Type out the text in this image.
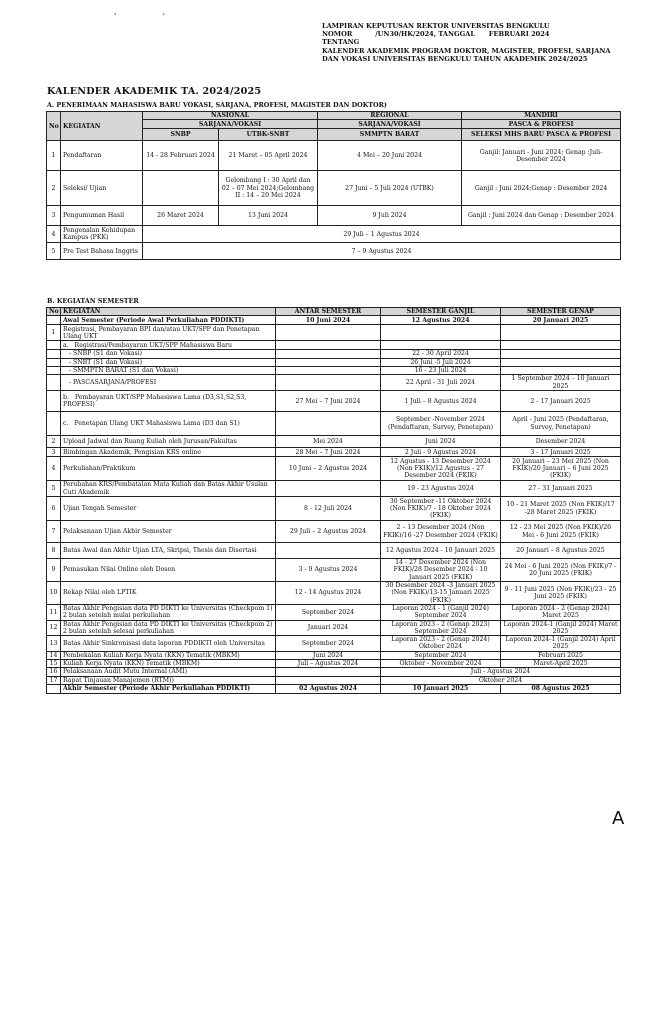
' '
LAMPIRAN KEPUTUSAN REKTOR UNIVERSITAS BENGKULU
NOMOR          /UN30/HK/2024, TANGGAL      FEBRUARI 2024
TENTANG
KALENDER AKADEMIK PROGRAM DOKTOR, MAGISTER, PROFESI, SARJANA
DAN VOKASI UNIVERSITAS BENGKULU TAHUN AKADEMIK 2024/2025
KALENDER AKADEMIK TA. 2024/2025
A. PENERIMAAN MAHASISWA BARU VOKASI, SARJANA, PROFESI, MAGISTER DAN DOKTOR)
No	KEGIATAN	NASIONAL		REGIONAL	MANDIRI
		SARJANA/VOKASI		SARJANA/VOKASI	PASCA & PROFESI
		SNBP	UTBK-SNBT	SMMPTN BARAT	SELEKSI MHS BARU PASCA & PROFESI
1	Pendaftaran	14 - 28 Februari 2024	21 Maret – 05 April 2024	4 Mei – 20 Juni 2024	Ganjil: Januari - Juni 2024; Genap :Juli-Desember 2024
2	Seleksi/ Ujian		Gelombang I : 30 April dan 02 – 07 Mei 2024;Gelombang II : 14 – 20 Mei 2024	27 Juni – 5 Juli 2024 (UTBK)	Ganjil : Juni 2024;Genap : Desember 2024
3	Pengumuman Hasil	26 Maret 2024	13 Juni 2024	9 Juli 2024	Ganjil : Juni 2024 dan Genap : Desember 2024
4	Pengenalan Kehidupan Kampus (PKK)	29 Juli – 1 Agustus 2024			
5	Pre Test Bahasa Inggris	7 – 9 Agustus 2024			
B. KEGIATAN SEMESTER
No	KEGIATAN	ANTAR SEMESTER	SEMESTER GANJIL	SEMESTER GENAP
	Awal Semester (Periode Awal Perkuliahan PDDIKTI)	10 Juni 2024	12 Agustus 2024	20 Januari 2025
1	Registrasi, Pembayaran BPI dan/atau UKT/SPP dan Penetapan Ulang UKT			
	a.   Registrasi/Pembayaran UKT/SPP Mahasiswa Baru			
	- SNBP (S1 dan Vokasi)		22 - 30 April 2024	
	- SNBT (S1 dan Vokasi)		26 Juni -5 Juli 2024	
	- SMMPTN BARAT (S1 dan Vokasi)		16 - 23 Juli 2024	
	- PASCASARJANA/PROFESI		22 April - 31 Juli 2024	1 September 2024 – 10 Januari 2025
	b.   Pembayaran UKT/SPP Mahasiswa Lama (D3,S1,S2,S3, PROFESI)	27 Mei – 7 Juni 2024	1 Juli – 8 Agustus 2024	2 - 17 Januari 2025
	c.   Penetapan Ulang UKT Mahasiswa Lama (D3 dan S1)		September -November 2024 (Pendaftaran, Survey, Penetapan)	April - Juni 2025 (Pendaftaran, Survey, Penetapan)
2	Upload Jadwal dan Ruang Kuliah oleh Jurusan/Fakultas	Mei 2024	Juni 2024	Desember 2024
3	Bimbingan Akademik, Pengisian KRS online	28 Mei – 7 Juni 2024	2 Juli - 9 Agustus 2024	3 - 17 Januari 2025
4	Perkuliahan/Praktikum	10 Juni – 2 Agustus 2024	12 Agustus - 13 Desember 2024 (Non FKIK)/12 Agustus - 27 Desember 2024 (FKIK)	20 Januari – 23 Mei 2025 (Non FKIK)/20 Januari – 6 Juni 2025 (FKIK)
5	Perubahan KRS/Pembatalan Mata Kuliah dan Batas Akhir Usulan Cuti Akademik		19 - 23 Agustus 2024	27 - 31 Januari 2025
6	Ujian Tengah Semester	8 - 12 Juli 2024	30 September -11 Oktober 2024 (Non FKIK)/7 - 18 Oktober 2024 (FKIK)	10 - 21 Maret 2025 (Non FKIK)/17 -28 Maret 2025 (FKIK)
7	Pelaksanaan Ujian Akhir Semester	29 Juli – 2 Agustus 2024	2 – 13 Desember 2024 (Non FKIK)/16 -27 Desember 2024 (FKIK)	12 - 23 Mei 2025 (Non FKIK)/26 Mei - 6 Juni 2025 (FKIK)
8	Batas Awal dan Akhir Ujian LTA, Skripsi, Thesis dan Disertasi		12 Agustus 2024 - 10 Januari 2025	20 Januari – 8 Agustus 2025
9	Pemasukan Nilai Online oleh Dosen	3 - 9 Agustus 2024	14 - 27 Desember 2024 (Non FKIK)/28 Desember 2024 - 10 Januari 2025 (FKIK)	24 Mei - 6 Juni 2025 (Non FKIK)/7 - 20 Juni 2025 (FKIK)
10	Rekap Nilai oleh LPTIK	12 - 14 Agustus 2024	30 Desember 2024 -3 Januari 2025 (Non FKIK)/13-15 Januari 2025 (FKIK)	9 - 11 Juni 2025 (Non FKIK)/23 - 25 Juni 2025 (FKIK)
11	Batas Akhir Pengisian data PD DIKTI ke Universitas (Checkpoin 1) 2 bulan setelah mulai perkuliahan	September 2024	Laporan 2024 - 1 (Ganjil 2024) September 2024	Laporan 2024 - 2 (Genap 2024) Maret 2025
12	Batas Akhir Pengisian data PD DIKTI ke Universitas (Checkpoin 2) 2 bulan setelah selesai perkuliahan	Januari 2024	Laporan 2023 - 2 (Genap 2023) September 2024	Laporan 2024-1 (Ganjil 2024) Maret 2025
13	Batas Akhir Sinkronisasi data laporan PDDIKTI oleh Universitas	September 2024	Laporan 2023 - 2 (Genap 2024) Oktober 2024	Laporan 2024-1 (Ganjil 2024) April 2025
14	Pembekalan Kuliah Kerja Nyata (KKN) Tematik (MBKM)	Juni 2024	September 2024	Februari 2025
15	Kuliah Kerja Nyata (KKN) Tematik (MBKM)	Juli – Agustus 2024	Oktober - November 2024	Maret-April 2025
16	Pelaksanaan Audit Mutu Internal (AMI)		Juli - Agustus 2024	
17	Rapat Tinjauan Manajemen (RTM))		Oktober 2024	
	Akhir Semester (Periode Akhir Perkuliahan PDDIKTI)	02 Agustus 2024	10 Januari 2025	08 Agustus 2025
A
